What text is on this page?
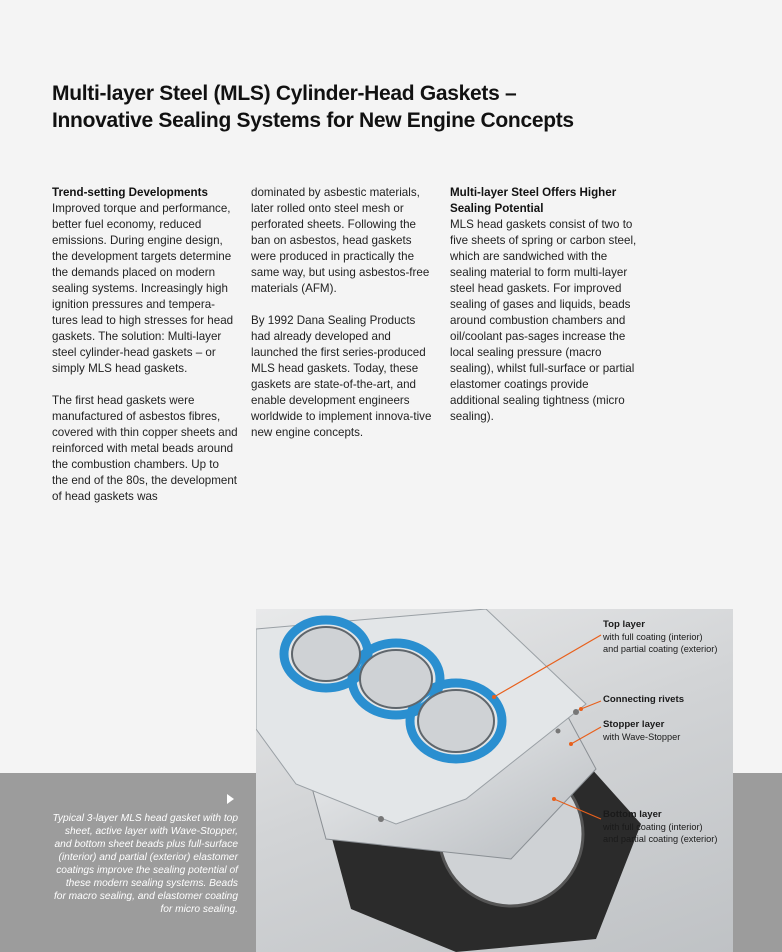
Multi-layer Steel (MLS) Cylinder-Head Gaskets –
Innovative Sealing Systems for New Engine Concepts
Trend-setting Developments

Improved torque and performance, better fuel economy, reduced emissions. During engine design, the development targets determine the demands placed on modern sealing systems. Increasingly high ignition pressures and tempera-tures lead to high stresses for head gaskets. The solution: Multi-layer steel cylinder-head gaskets – or simply MLS head gaskets.

The first head gaskets were manufactured of asbestos fibres, covered with thin copper sheets and reinforced with metal beads around the combustion chambers. Up to the end of the 80s, the development of head gaskets was

dominated by asbestic materials, later rolled onto steel mesh or perforated sheets. Following the ban on asbestos, head gaskets were produced in practically the same way, but using asbestos-free materials (AFM).

By 1992 Dana Sealing Products had already developed and launched the first series-produced MLS head gaskets. Today, these gaskets are state-of-the-art, and enable development engineers worldwide to implement innova-tive new engine concepts.

Multi-layer Steel Offers Higher Sealing Potential

MLS head gaskets consist of two to five sheets of spring or carbon steel, which are sandwiched with the sealing material to form multi-layer steel head gaskets. For improved sealing of gases and liquids, beads around combustion chambers and oil/coolant pas-sages increase the local sealing pressure (macro sealing), whilst full-surface or partial elastomer coatings provide additional sealing tightness (micro sealing).

Typical 3-layer MLS head gasket with top sheet, active layer with Wave-Stopper, and bottom sheet beads plus full-surface (interior) and partial (exterior) elastomer coatings improve the sealing potential of these modern sealing systems. Beads for macro sealing, and elastomer coating for micro sealing.
Top layer
with full coating (interior)
and partial coating (exterior)
Connecting rivets
Stopper layer
with Wave-Stopper
Bottom layer
with full coating (interior)
and partial coating (exterior)
